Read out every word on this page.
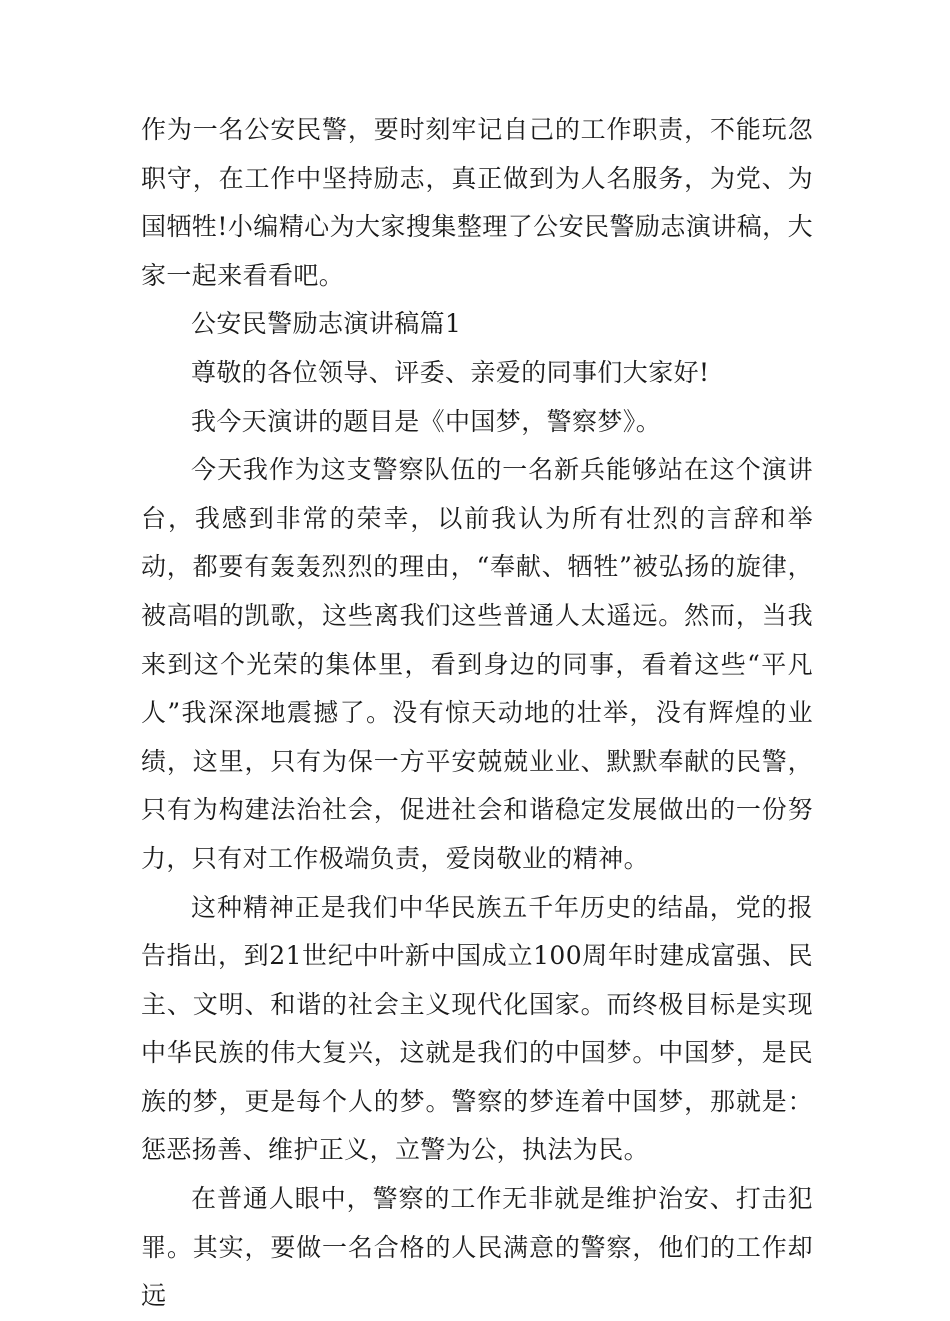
作为一名公安民警，要时刻牢记自己的工作职责，不能玩忽职守，在工作中坚持励志，真正做到为人名服务，为党、为国牺牲!小编精心为大家搜集整理了公安民警励志演讲稿，大家一起来看看吧。

公安民警励志演讲稿篇1

尊敬的各位领导、评委、亲爱的同事们大家好!

我今天演讲的题目是《中国梦，警察梦》。

今天我作为这支警察队伍的一名新兵能够站在这个演讲台，我感到非常的荣幸，以前我认为所有壮烈的言辞和举动，都要有轰轰烈烈的理由，“奉献、牺牲”被弘扬的旋律，被高唱的凯歌，这些离我们这些普通人太遥远。然而，当我来到这个光荣的集体里，看到身边的同事，看着这些“平凡人”我深深地震撼了。没有惊天动地的壮举，没有辉煌的业绩，这里，只有为保一方平安兢兢业业、默默奉献的民警，只有为构建法治社会，促进社会和谐稳定发展做出的一份努力，只有对工作极端负责，爱岗敬业的精神。

这种精神正是我们中华民族五千年历史的结晶，党的报告指出，到21世纪中叶新中国成立100周年时建成富强、民主、文明、和谐的社会主义现代化国家。而终极目标是实现中华民族的伟大复兴，这就是我们的中国梦。中国梦，是民族的梦，更是每个人的梦。警察的梦连着中国梦，那就是：惩恶扬善、维护正义，立警为公，执法为民。

在普通人眼中，警察的工作无非就是维护治安、打击犯罪。其实，要做一名合格的人民满意的警察，他们的工作却远
